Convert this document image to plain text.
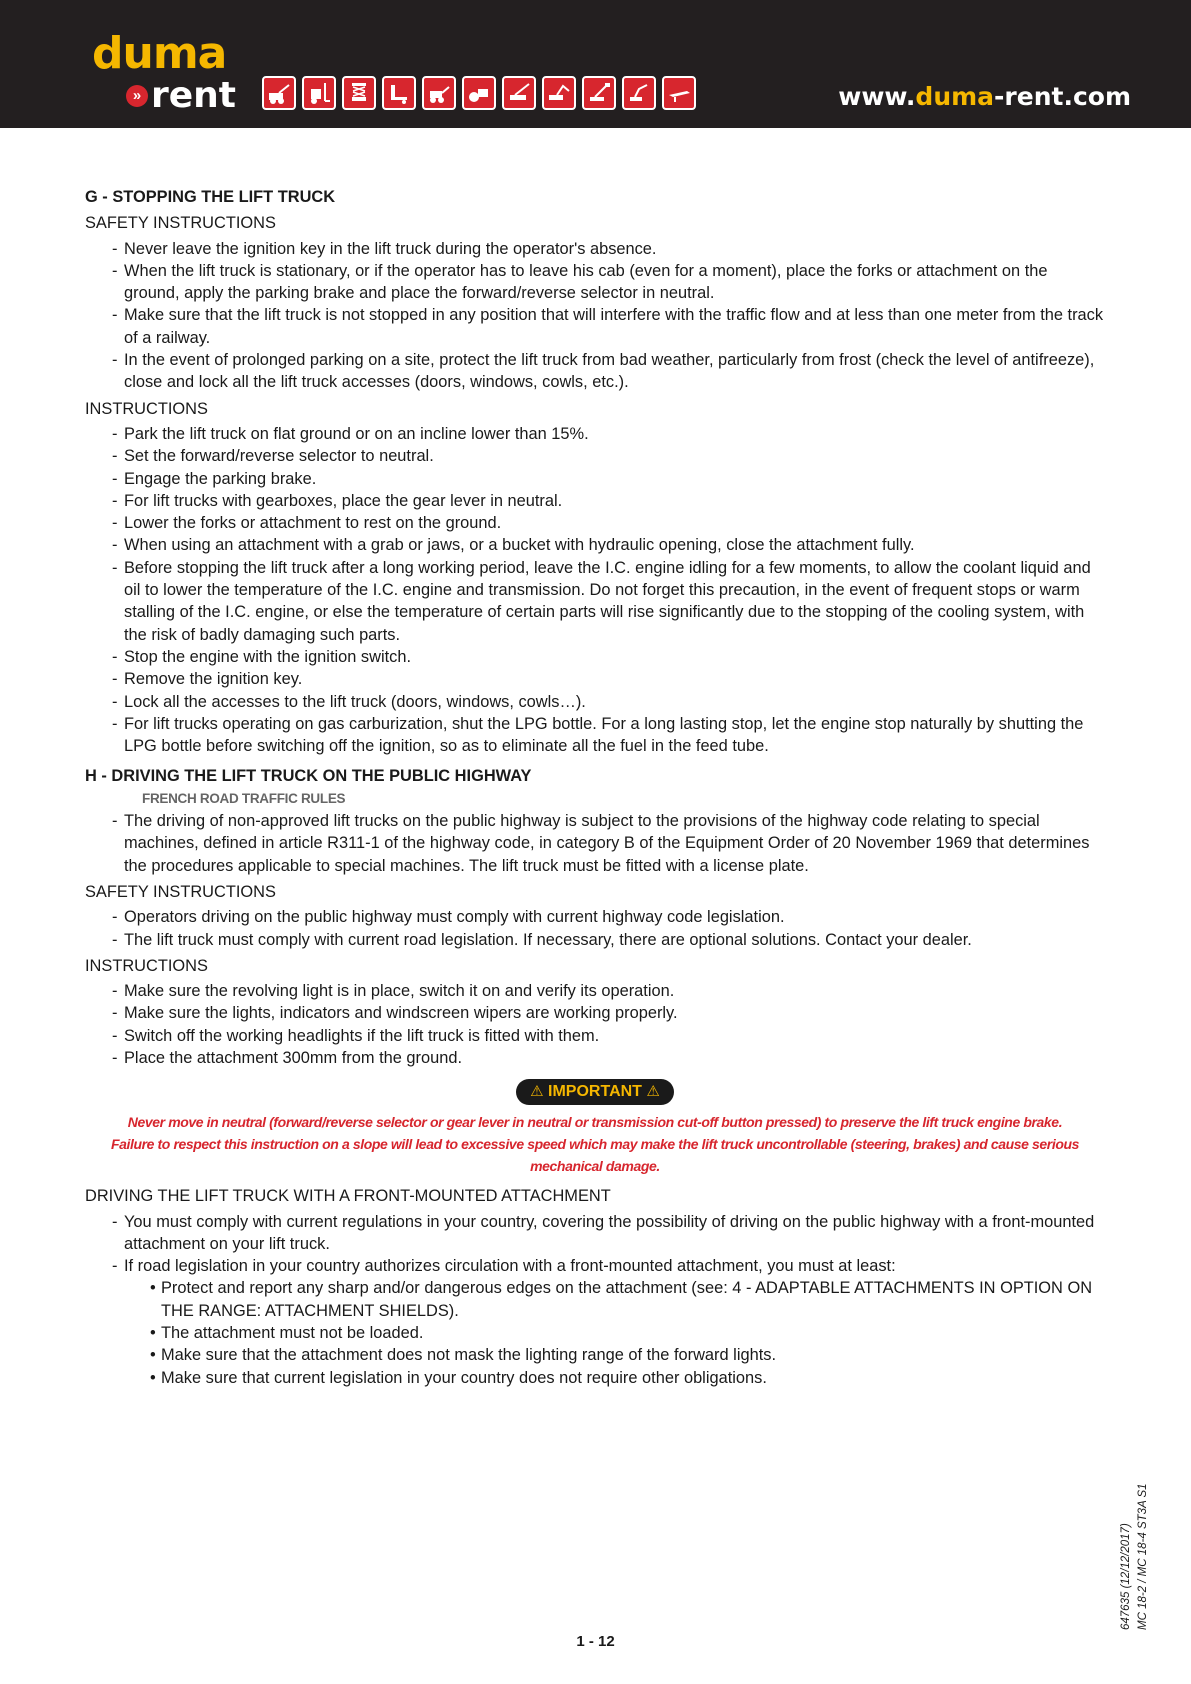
duma
» rent	www.duma-rent.com

G - STOPPING THE LIFT TRUCK

SAFETY INSTRUCTIONS
- Never leave the ignition key in the lift truck during the operator's absence.
- When the lift truck is stationary, or if the operator has to leave his cab (even for a moment), place the forks or attachment on the ground, apply the parking brake and place the forward/reverse selector in neutral.
- Make sure that the lift truck is not stopped in any position that will interfere with the traffic flow and at less than one meter from the track of a railway.
- In the event of prolonged parking on a site, protect the lift truck from bad weather, particularly from frost (check the level of antifreeze), close and lock all the lift truck accesses (doors, windows, cowls, etc.).
INSTRUCTIONS
- Park the lift truck on flat ground or on an incline lower than 15%.
- Set the forward/reverse selector to neutral.
- Engage the parking brake.
- For lift trucks with gearboxes, place the gear lever in neutral.
- Lower the forks or attachment to rest on the ground.
- When using an attachment with a grab or jaws, or a bucket with hydraulic opening, close the attachment fully.
- Before stopping the lift truck after a long working period, leave the I.C. engine idling for a few moments, to allow the coolant liquid and oil to lower the temperature of the I.C. engine and transmission. Do not forget this precaution, in the event of frequent stops or warm stalling of the I.C. engine, or else the temperature of certain parts will rise significantly due to the stopping of the cooling system, with the risk of badly damaging such parts.
- Stop the engine with the ignition switch.
- Remove the ignition key.
- Lock all the accesses to the lift truck (doors, windows, cowls…).
- For lift trucks operating on gas carburization, shut the LPG bottle. For a long lasting stop, let the engine stop naturally by shutting the LPG bottle before switching off the ignition, so as to eliminate all the fuel in the feed tube.

H - DRIVING THE LIFT TRUCK ON THE PUBLIC HIGHWAY

FRENCH ROAD TRAFFIC RULES
- The driving of non-approved lift trucks on the public highway is subject to the provisions of the highway code relating to special machines, defined in article R311-1 of the highway code, in category B of the Equipment Order of 20 November 1969 that determines the procedures applicable to special machines. The lift truck must be fitted with a license plate.
SAFETY INSTRUCTIONS
- Operators driving on the public highway must comply with current highway code legislation.
- The lift truck must comply with current road legislation. If necessary, there are optional solutions. Contact your dealer.
INSTRUCTIONS
- Make sure the revolving light is in place, switch it on and verify its operation.
- Make sure the lights, indicators and windscreen wipers are working properly.
- Switch off the working headlights if the lift truck is fitted with them.
- Place the attachment 300mm from the ground.
⚠ IMPORTANT ⚠
Never move in neutral (forward/reverse selector or gear lever in neutral or transmission cut-off button pressed) to preserve the lift truck engine brake.
Failure to respect this instruction on a slope will lead to excessive speed which may make the lift truck uncontrollable (steering, brakes) and cause serious mechanical damage.
DRIVING THE LIFT TRUCK WITH A FRONT-MOUNTED ATTACHMENT
- You must comply with current regulations in your country, covering the possibility of driving on the public highway with a front-mounted attachment on your lift truck.
- If road legislation in your country authorizes circulation with a front-mounted attachment, you must at least:
• Protect and report any sharp and/or dangerous edges on the attachment (see: 4 - ADAPTABLE ATTACHMENTS IN OPTION ON THE RANGE: ATTACHMENT SHIELDS).
• The attachment must not be loaded.
• Make sure that the attachment does not mask the lighting range of the forward lights.
• Make sure that current legislation in your country does not require other obligations.
1 - 12
647635 (12/12/2017) MC 18-2 / MC 18-4 ST3A S1
